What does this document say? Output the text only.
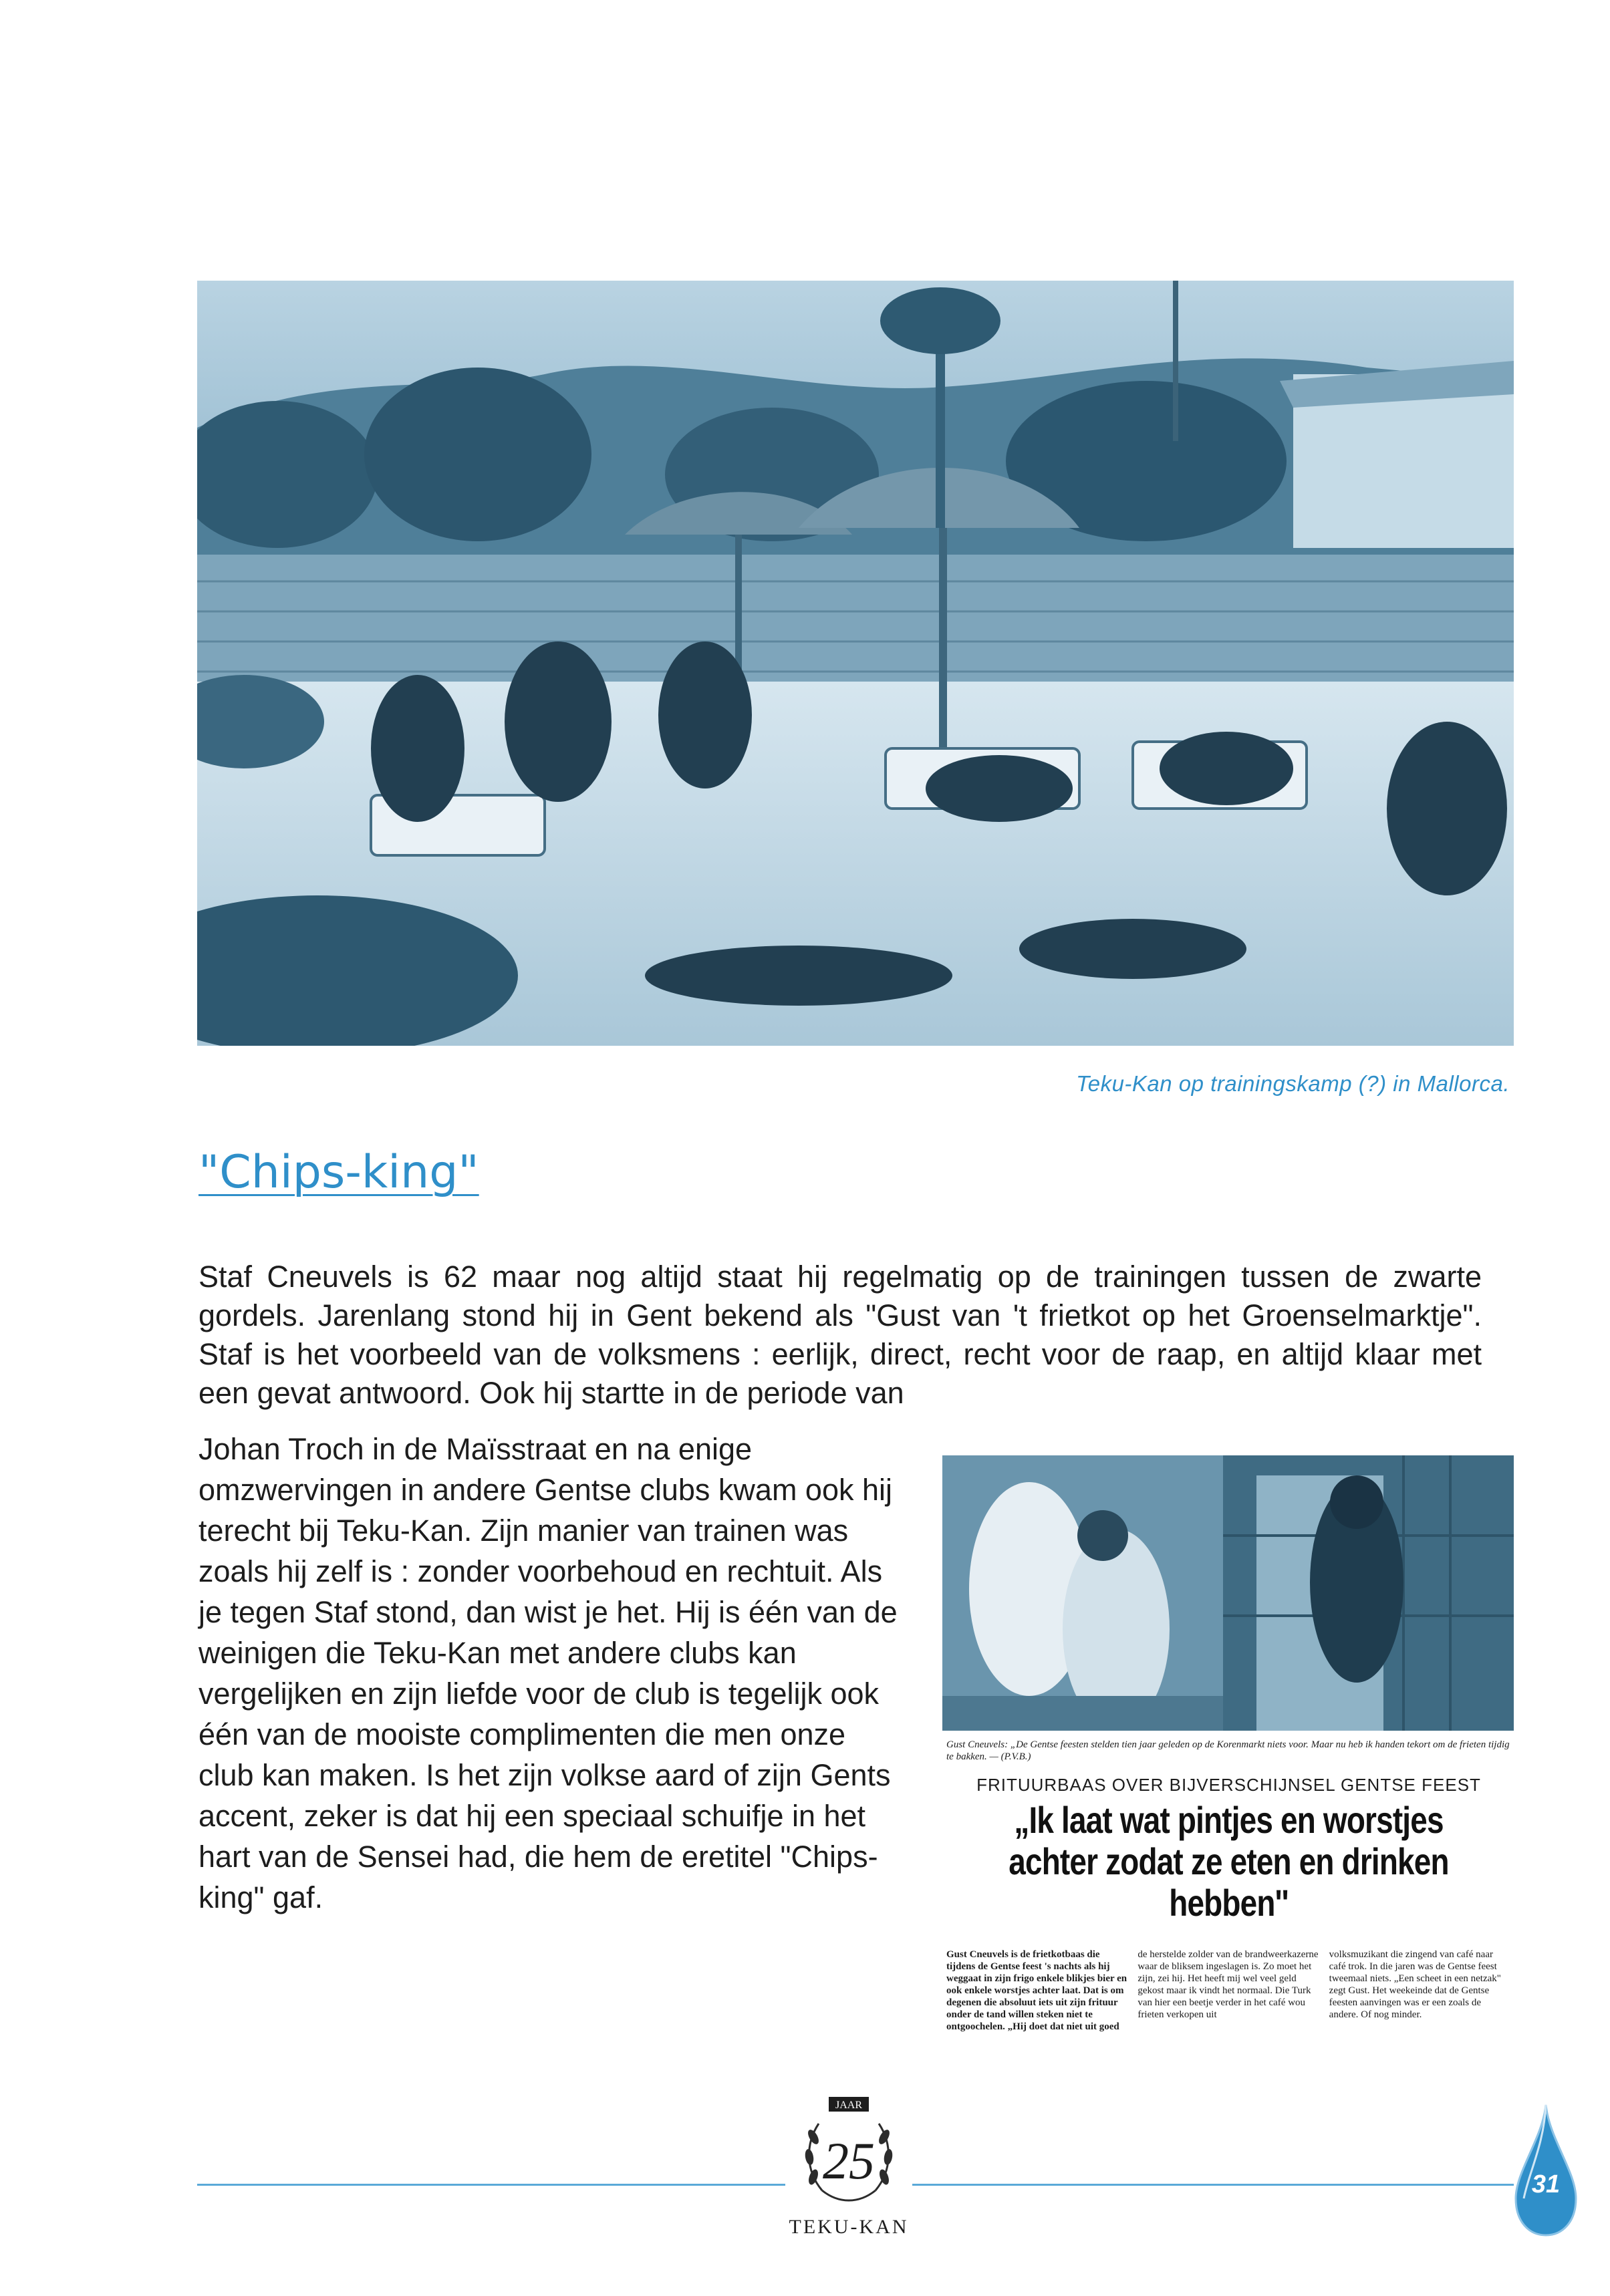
Teku-Kan op trainingskamp (?) in Mallorca.
"Chips-king"
Staf Cneuvels is 62 maar nog altijd staat hij regelmatig op de trainingen tussen de zwarte gordels. Jarenlang stond hij in Gent bekend als "Gust van 't frietkot op het Groenselmarktje". Staf is het voorbeeld van de volksmens : eerlijk, direct, recht voor de raap, en altijd klaar met een gevat antwoord. Ook hij startte in de periode van
Johan Troch in de Maïsstraat en na enige omzwervingen in andere Gentse clubs kwam ook hij terecht bij Teku-Kan. Zijn manier van trainen was zoals hij zelf is : zonder voorbehoud en rechtuit. Als je tegen Staf stond, dan wist je het. Hij is één van de weinigen die Teku-Kan met andere clubs kan vergelijken en zijn liefde voor de club is tegelijk ook één van de mooiste complimenten die men onze club kan maken. Is het zijn volkse aard of zijn Gents accent, zeker is dat hij een speciaal schuifje in het hart van de Sensei had, die hem de eretitel "Chips-king" gaf.
Gust Cneuvels: „De Gentse feesten stelden tien jaar geleden op de Korenmarkt niets voor. Maar nu heb ik handen tekort om de frieten tijdig te bakken. — (P.V.B.)
FRITUURBAAS OVER BIJVERSCHIJNSEL GENTSE FEEST
„Ik laat wat pintjes en worstjes achter zodat ze eten en drinken hebben''
Gust Cneuvels is de frietkotbaas die tijdens de Gentse feest 's nachts als hij weggaat in zijn frigo enkele blikjes bier en ook enkele worstjes achter laat. Dat is om degenen die absoluut iets uit zijn frituur onder de tand willen steken niet te ontgoochelen. „Hij doet dat niet uit goed
de herstelde zolder van de brandweerkazerne waar de bliksem ingeslagen is. Zo moet het zijn, zei hij. Het heeft mij wel veel geld gekost maar ik vindt het normaal. Die Turk van hier een beetje verder in het café wou frieten verkopen uit
volksmuzikant die zingend van café naar café trok. In die jaren was de Gentse feest tweemaal niets. „Een scheet in een netzak" zegt Gust. Het weekeinde dat de Gentse feesten aanvingen was er een zoals de andere. Of nog minder.
JAAR
25
TEKU-KAN
31
